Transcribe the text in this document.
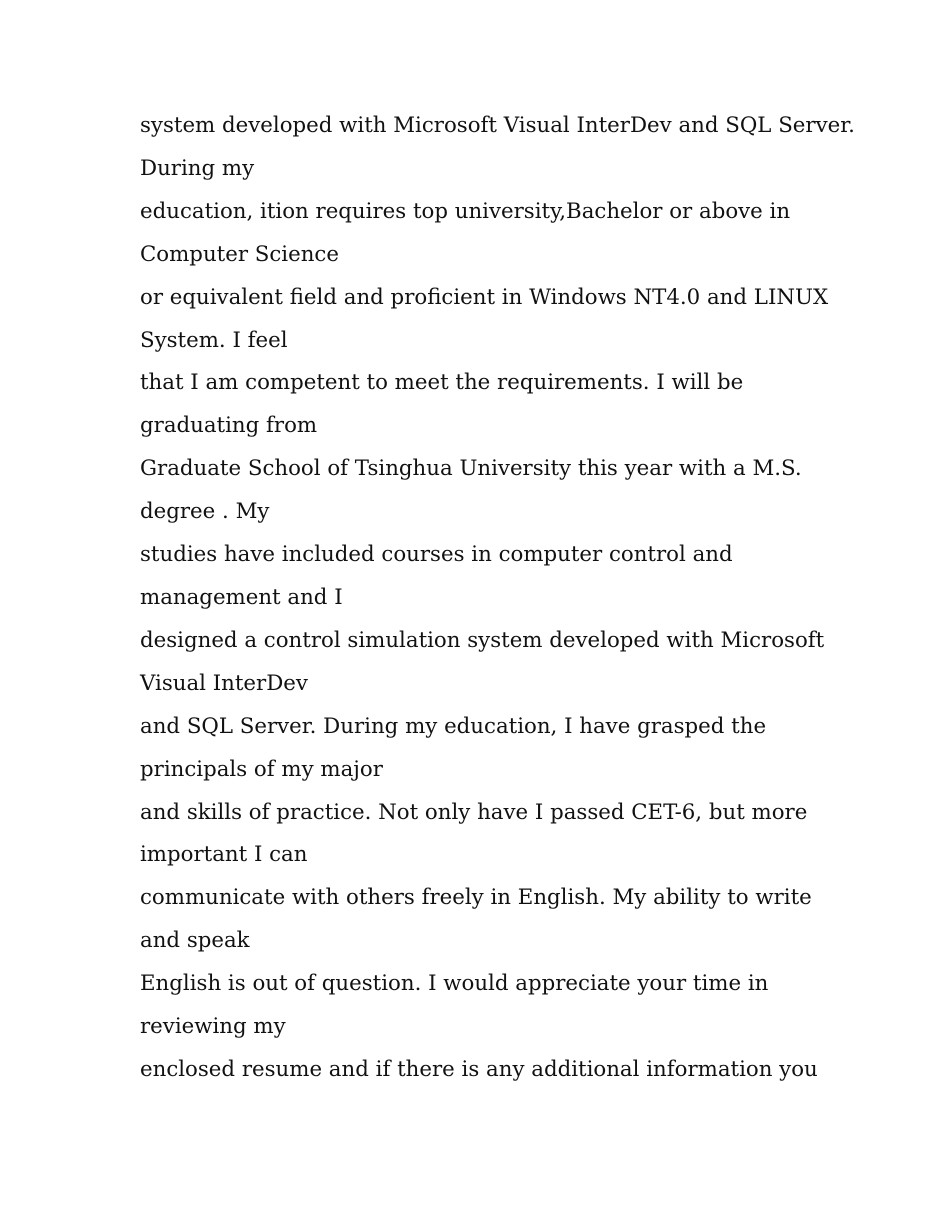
system developed with Microsoft Visual InterDev and SQL Server.
During my
education, ition requires top university,Bachelor or above in
Computer Science
or equivalent field and proficient in Windows NT4.0 and LINUX
System. I feel
that I am competent to meet the requirements. I will be
graduating from
Graduate School of Tsinghua University this year with a M.S.
degree . My
studies have included courses in computer control and
management and I
designed a control simulation system developed with Microsoft
Visual InterDev
and SQL Server. During my education, I have grasped the
principals of my major
and skills of practice. Not only have I passed CET-6, but more
important I can
communicate with others freely in English. My ability to write
and speak
English is out of question. I would appreciate your time in
reviewing my
enclosed resume and if there is any additional information you
